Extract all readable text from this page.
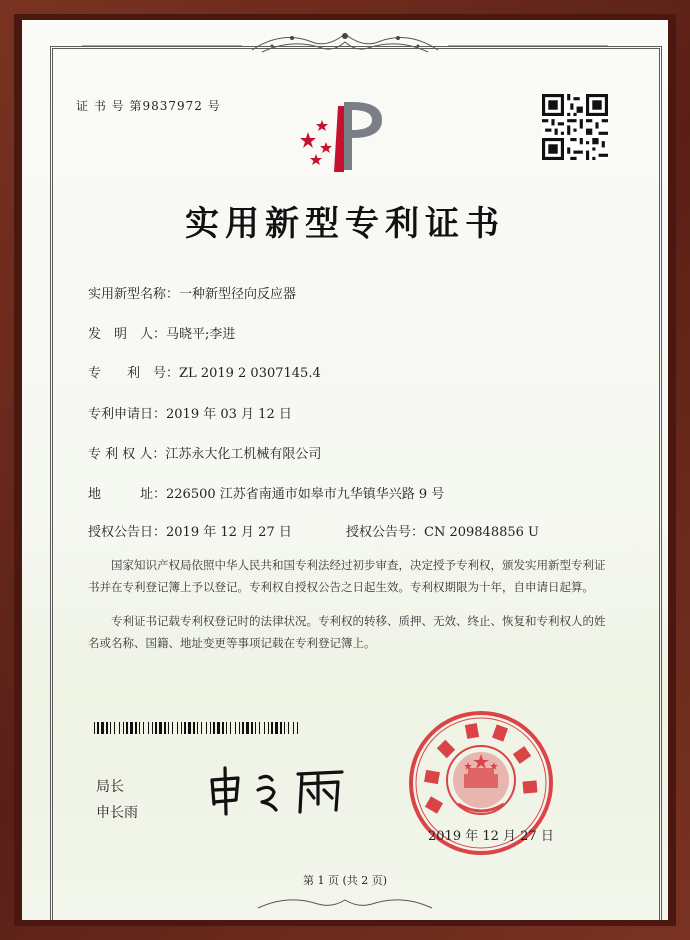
证 书 号 第9837972 号
实用新型专利证书
实用新型名称：一种新型径向反应器
发　明　人：马晓平;李进
专　　利　号：ZL 2019 2 0307145.4
专利申请日：2019 年 03 月 12 日
专 利 权 人：江苏永大化工机械有限公司
地　　　址：226500 江苏省南通市如皋市九华镇华兴路 9 号
授权公告日：2019 年 12 月 27 日	授权公告号：CN 209848856 U
国家知识产权局依照中华人民共和国专利法经过初步审查，决定授予专利权，颁发实用新型专利证书并在专利登记簿上予以登记。专利权自授权公告之日起生效。专利权期限为十年，自申请日起算。
专利证书记载专利权登记时的法律状况。专利权的转移、质押、无效、终止、恢复和专利权人的姓名或名称、国籍、地址变更等事项记载在专利登记簿上。
局长
申长雨
2019 年 12 月 27 日
第 1 页 (共 2 页)
